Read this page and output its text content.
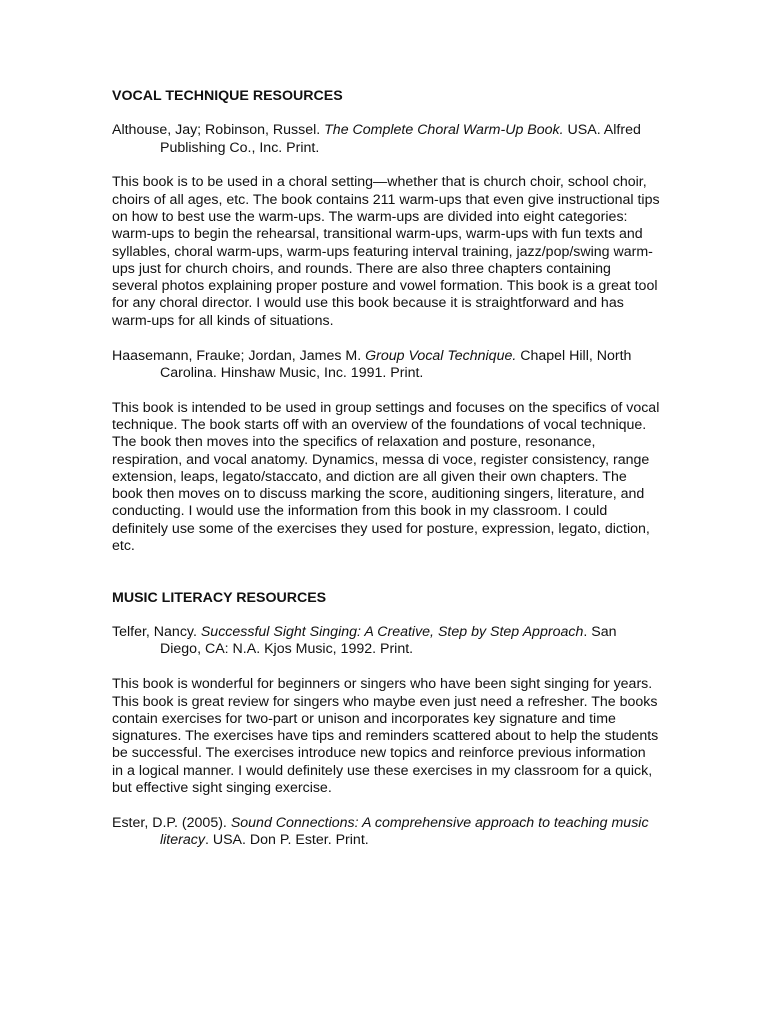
VOCAL TECHNIQUE RESOURCES
Althouse, Jay; Robinson, Russel. The Complete Choral Warm-Up Book. USA. Alfred Publishing Co., Inc. Print.
This book is to be used in a choral setting—whether that is church choir, school choir, choirs of all ages, etc. The book contains 211 warm-ups that even give instructional tips on how to best use the warm-ups. The warm-ups are divided into eight categories: warm-ups to begin the rehearsal, transitional warm-ups, warm-ups with fun texts and syllables, choral warm-ups, warm-ups featuring interval training, jazz/pop/swing warm-ups just for church choirs, and rounds. There are also three chapters containing several photos explaining proper posture and vowel formation. This book is a great tool for any choral director. I would use this book because it is straightforward and has warm-ups for all kinds of situations.
Haasemann, Frauke; Jordan, James M. Group Vocal Technique. Chapel Hill, North Carolina. Hinshaw Music, Inc. 1991. Print.
This book is intended to be used in group settings and focuses on the specifics of vocal technique. The book starts off with an overview of the foundations of vocal technique. The book then moves into the specifics of relaxation and posture, resonance, respiration, and vocal anatomy. Dynamics, messa di voce, register consistency, range extension, leaps, legato/staccato, and diction are all given their own chapters. The book then moves on to discuss marking the score, auditioning singers, literature, and conducting. I would use the information from this book in my classroom. I could definitely use some of the exercises they used for posture, expression, legato, diction, etc.
MUSIC LITERACY RESOURCES
Telfer, Nancy. Successful Sight Singing: A Creative, Step by Step Approach. San Diego, CA: N.A. Kjos Music, 1992. Print.
This book is wonderful for beginners or singers who have been sight singing for years. This book is great review for singers who maybe even just need a refresher. The books contain exercises for two-part or unison and incorporates key signature and time signatures. The exercises have tips and reminders scattered about to help the students be successful. The exercises introduce new topics and reinforce previous information in a logical manner. I would definitely use these exercises in my classroom for a quick, but effective sight singing exercise.
Ester, D.P. (2005). Sound Connections: A comprehensive approach to teaching music literacy. USA. Don P. Ester. Print.
